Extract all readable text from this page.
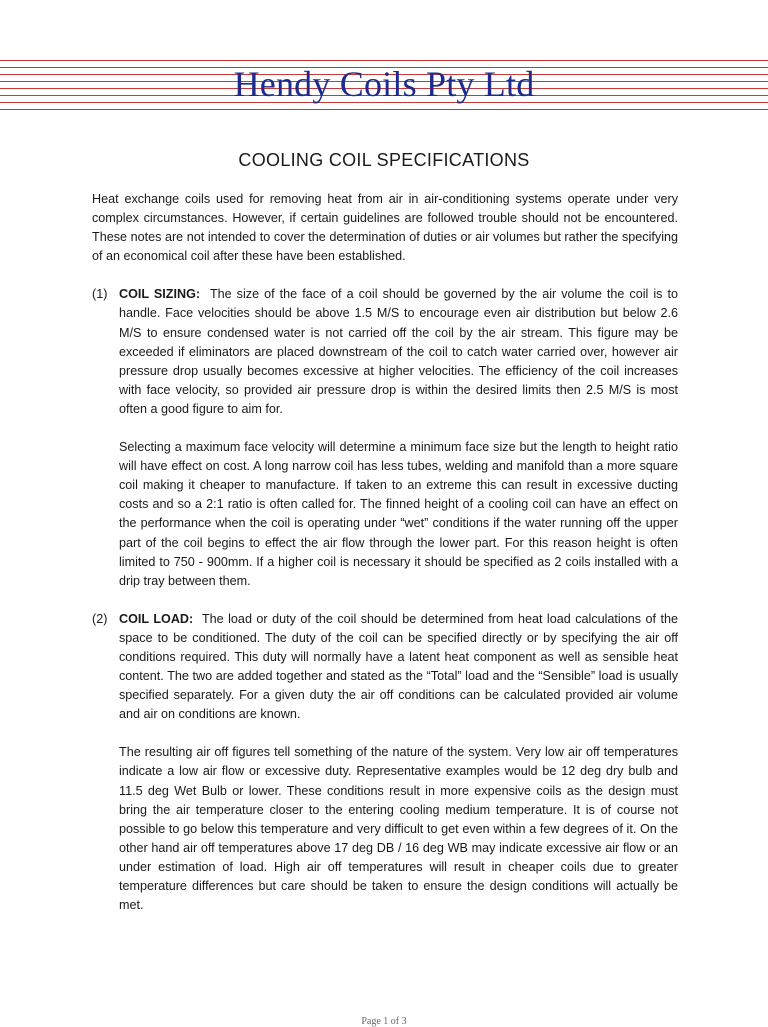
Hendy Coils Pty Ltd
COOLING COIL SPECIFICATIONS

Heat exchange coils used for removing heat from air in air-conditioning systems operate under very complex circumstances. However, if certain guidelines are followed trouble should not be encountered. These notes are not intended to cover the determination of duties or air volumes but rather the specifying of an economical coil after these have been established.

(1) COIL SIZING: The size of the face of a coil should be governed by the air volume the coil is to handle. Face velocities should be above 1.5 M/S to encourage even air distribution but below 2.6 M/S to ensure condensed water is not carried off the coil by the air stream. This figure may be exceeded if eliminators are placed downstream of the coil to catch water carried over, however air pressure drop usually becomes excessive at higher velocities. The efficiency of the coil increases with face velocity, so provided air pressure drop is within the desired limits then 2.5 M/S is most often a good figure to aim for.

Selecting a maximum face velocity will determine a minimum face size but the length to height ratio will have effect on cost. A long narrow coil has less tubes, welding and manifold than a more square coil making it cheaper to manufacture. If taken to an extreme this can result in excessive ducting costs and so a 2:1 ratio is often called for. The finned height of a cooling coil can have an effect on the performance when the coil is operating under “wet” conditions if the water running off the upper part of the coil begins to effect the air flow through the lower part. For this reason height is often limited to 750 - 900mm. If a higher coil is necessary it should be specified as 2 coils installed with a drip tray between them.

(2) COIL LOAD: The load or duty of the coil should be determined from heat load calculations of the space to be conditioned. The duty of the coil can be specified directly or by specifying the air off conditions required. This duty will normally have a latent heat component as well as sensible heat content. The two are added together and stated as the “Total” load and the “Sensible” load is usually specified separately. For a given duty the air off conditions can be calculated provided air volume and air on conditions are known.

The resulting air off figures tell something of the nature of the system. Very low air off temperatures indicate a low air flow or excessive duty. Representative examples would be 12 deg dry bulb and 11.5 deg Wet Bulb or lower. These conditions result in more expensive coils as the design must bring the air temperature closer to the entering cooling medium temperature. It is of course not possible to go below this temperature and very difficult to get even within a few degrees of it. On the other hand air off temperatures above 17 deg DB / 16 deg WB may indicate excessive air flow or an under estimation of load. High air off temperatures will result in cheaper coils due to greater temperature differences but care should be taken to ensure the design conditions will actually be met.

Page 1 of 3
